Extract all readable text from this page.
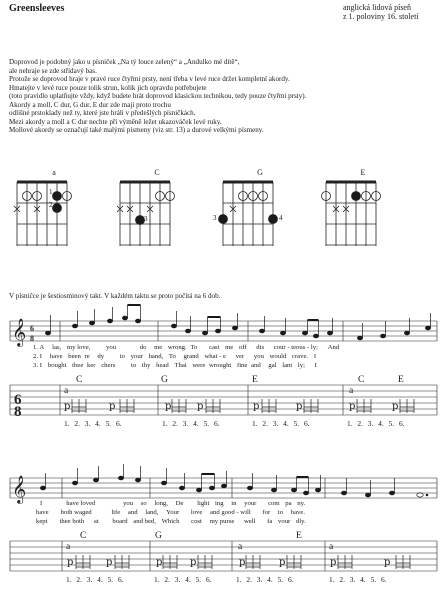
Greensleeves	anglická lidová píseň
z 1. poloviny 16. století
Doprovod je podobný jako u písniček „Na tý louce zelený“ a „Andulko mé dítě“,
ale nehraje se zde střídavý bas.
Protože se doprovod hraje v pravé ruce čtyřmi prsty, není třeba v levé ruce držet kompletní akordy.
Hmatejte v levé ruce pouze tolik strun, kolik jich opravdu potřebujete
(toto pravidlo uplatňujte vždy, když budete hrát doprovod klasickou technikou, tedy pouze čtyřmi prsty).
Akordy a moll, C dur, G dur, E dur zde mají proto trochu
odlišné prstoklady než ty, které jste hráli v předešlých písničkách.
Mezi akordy a moll a C dur nechte při výměně ležet ukazováček levé ruky.
Mollové akordy se označují také malými písmeny (viz str. 13) a durové velkými písmeny.
a	C	G	E
𝄞 6
8
6
8	p	p	p	p	p	p	p	p
𝄞
p	p	p	p	p	p	p	p
1
2
3	3	4
V písničce je šestiosminový takt. V každém taktu se proto počítá na 6 dob.
1. A las, my love, you	do me wrong. To cast me off dis cour - teous - ly; And
2. I have been re dy to your hand, To grand what - e ver you would crave. I
3. I bought thee ker chers to thy head That were wrought fine and gal lant ly; I
a
C	G	E
a
C	E
1. 2. 3. 4. 5. 6.	1. 2. 3. 4. 5. 6.	1. 2. 3. 4. 5. 6.	1. 2. 3. 4. 5. 6.
I	have loved	you so long, De light ing in your com pa ny.
have both waged	life and land, Your love and good - will for to have.
kept thee both at board and bed, Which cost my purse well fa vour dly.
a
C	G
a
E
a
1. 2. 3. 4. 5. 6.	1. 2. 3. 4. 5. 6.	1. 2. 3. 4. 5. 6.	1. 2. 3. 4. 5. 6.
